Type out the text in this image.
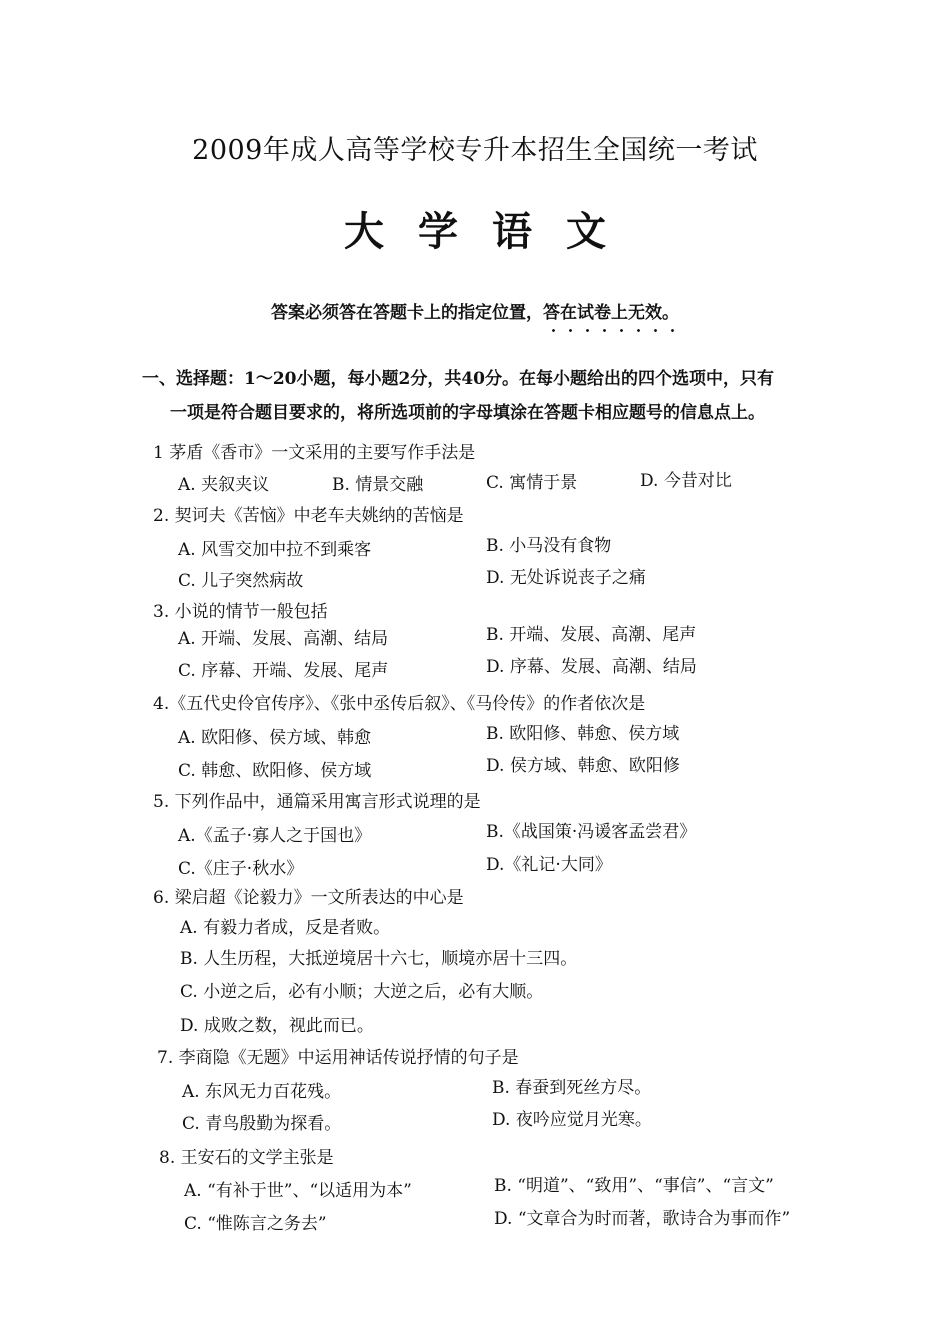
2009年成人高等学校专升本招生全国统一考试
大学语文
答案必须答在答题卡上的指定位置，答在试卷上无效。
一、选择题：1～20小题，每小题2分，共40分。在每小题给出的四个选项中，只有
一项是符合题目要求的，将所选项前的字母填涂在答题卡相应题号的信息点上。
1 茅盾《香市》一文采用的主要写作手法是
A. 夹叙夹议	B. 情景交融	C. 寓情于景	D. 今昔对比
2. 契诃夫《苦恼》中老车夫姚纳的苦恼是
A. 风雪交加中拉不到乘客	B. 小马没有食物
C. 儿子突然病故	D. 无处诉说丧子之痛
3. 小说的情节一般包括
A. 开端、发展、高潮、结局	B. 开端、发展、高潮、尾声
C. 序幕、开端、发展、尾声	D. 序幕、发展、高潮、结局
4.《五代史伶官传序》、《张中丞传后叙》、《马伶传》的作者依次是
A. 欧阳修、侯方域、韩愈	B. 欧阳修、韩愈、侯方域
C. 韩愈、欧阳修、侯方域	D. 侯方域、韩愈、欧阳修
5. 下列作品中，通篇采用寓言形式说理的是
A.《孟子·寡人之于国也》	B.《战国策·冯谖客孟尝君》
C.《庄子·秋水》	D.《礼记·大同》
6. 梁启超《论毅力》一文所表达的中心是
A. 有毅力者成，反是者败。
B. 人生历程，大抵逆境居十六七，顺境亦居十三四。
C. 小逆之后，必有小顺；大逆之后，必有大顺。
D. 成败之数，视此而已。
7. 李商隐《无题》中运用神话传说抒情的句子是
A. 东风无力百花残。	B. 春蚕到死丝方尽。
C. 青鸟殷勤为探看。	D. 夜吟应觉月光寒。
8. 王安石的文学主张是
A. “有补于世”、“以适用为本”	B. “明道”、“致用”、“事信”、“言文”
C. “惟陈言之务去”	D. “文章合为时而著，歌诗合为事而作”
